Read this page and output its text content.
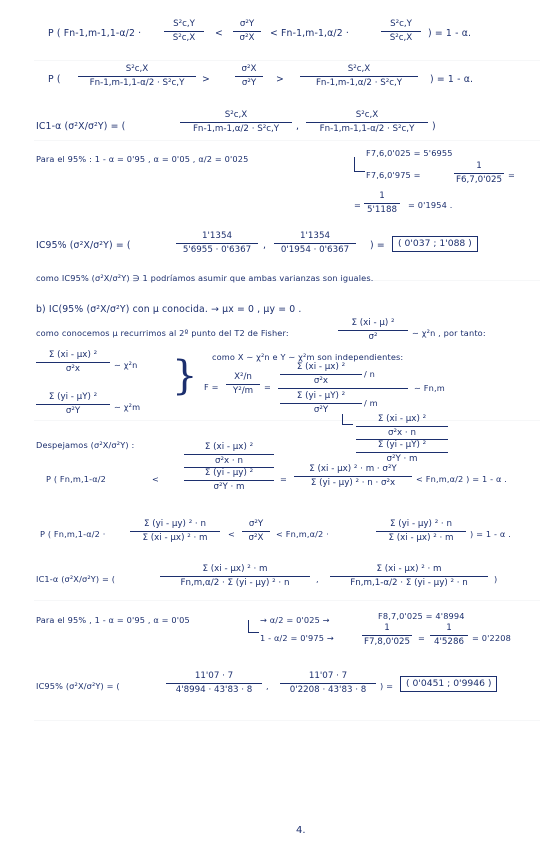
P ( Fn-1,m-1,1-α/2 ·	$\frac{\text{S²c,Y}}{\text{S²c,X}} < \frac{\text{σ²Y}}{\text{σ²X}} < Fn-1,m-1,\alpha/2$ ·	$\frac{\text{S²c,Y}}{\text{S²c,X}}$ ) = 1 - α.
P ( $\frac{\text{S²c,X}}{\text{Fn-1,m-1,1-α/2 · S²c,Y}}$ >	$\frac{\text{σ²X}}{\text{σ²Y}} > \frac{\text{S²c,X}}{\text{Fn-1,m-1,α/2 · S²c,Y}}$ ) = 1 - α.
IC1-α (σ²X/σ²Y) = (	$\frac{\text{S²c,X}}{\text{Fn-1,m-1,α/2 · S²c,Y}}$ , $\frac{\text{S²c,X}}{\text{Fn-1,m-1,1-α/2 · S²c,Y}}$ )
Para el 95% : 1 - α = 0'95 , α = 0'05 , α/2 = 0'025
F7,6,0'025 = 5'6955
F7,6,0'975 =	$\frac{1}{F6,7,0'025}$ =
= $\frac{1}{5'1188} = 0'1954$ .
IC95% (σ²X/σ²Y) = (	$\frac{1'1354}{5'6955 \cdot 0'6367}$ , $\frac{1'1354}{0'1954 \cdot 0'6367}$ ) =	( 0'037 ; 1'088 )
como IC95% (σ²X/σ²Y) ∋ 1 podríamos asumir que ambas varianzas son iguales.
b) IC(95% (σ²X/σ²Y) con μ conocida. → μx = 0 , μy = 0 .
como conocemos μ recurrimos al 2º punto del T2 de Fisher:	$\frac{\text{Σ (xi - μ) ²}}{\text{σ²}}$ ∼ χ²n , por tanto:
$\frac{\text{Σ (xi - μx) ²}}{\text{σ²x}}$ ∼ χ²n
$\frac{\text{Σ (yi - μY) ²}}{\text{σ²Y}}$ ∼ χ²m
} como X ∼ χ²n e Y ∼ χ²m son independientes:
$F = \frac{\text{X²/n}}{\text{Y²/m}} = \frac{\text{Σ (xi - μx) ²}}{\text{σ²x}} / n$
$\frac{\text{Σ (yi - μY) ²}}{\text{σ²Y}}$ / m
∼ Fn,m
Σ (xi - μx) ²
σ²x · n
Σ (yi - μY) ²
σ²Y · m
Despejamos (σ²X/σ²Y) :
P ( Fn,m,1-α/2	<
Σ (xi - μx) ²
σ²x · n
Σ (yi - μy) ²
σ²Y · m
= $\frac{\text{Σ (xi - μx) ² · m · σ²Y}}{\text{Σ (yi - μy) ² · n · σ²x}} < Fn,m,\alpha/2$ ) = 1 - α .
P ( Fn,m,1-α/2 ·	$\frac{\text{Σ (yi - μy) ² · n}}{\text{Σ (xi - μx) ² · m}} < \frac{\text{σ²Y}}{\text{σ²X}} < Fn,m,\alpha/2$ ·	$\frac{\text{Σ (yi - μy) ² · n}}{\text{Σ (xi - μx) ² · m}}$ ) = 1 - α .
IC1-α (σ²X/σ²Y) = (	$\frac{\text{Σ (xi - μx) ² · m}}{\text{Fn,m,α/2 · Σ (yi - μy) ² · n}}$ , $\frac{\text{Σ (xi - μx) ² · m}}{\text{Fn,m,1-α/2 · Σ (yi - μy) ² · n}}$ )
Para el 95% , 1 - α = 0'95 , α = 0'05	→ α/2 = 0'025 →	F8,7,0'025 = 4'8994
1 - α/2 = 0'975 →	$\frac{1}{F7,8,0'025} = \frac{1}{4'5286} = 0'2208$
IC95% (σ²X/σ²Y) = (	$\frac{11'07 \cdot 7}{4'8994 \cdot 43'83 \cdot 8}$ , $\frac{11'07 \cdot 7}{0'2208 \cdot 43'83 \cdot 8}$ ) =	( 0'0451 ; 0'9946 )
4.
